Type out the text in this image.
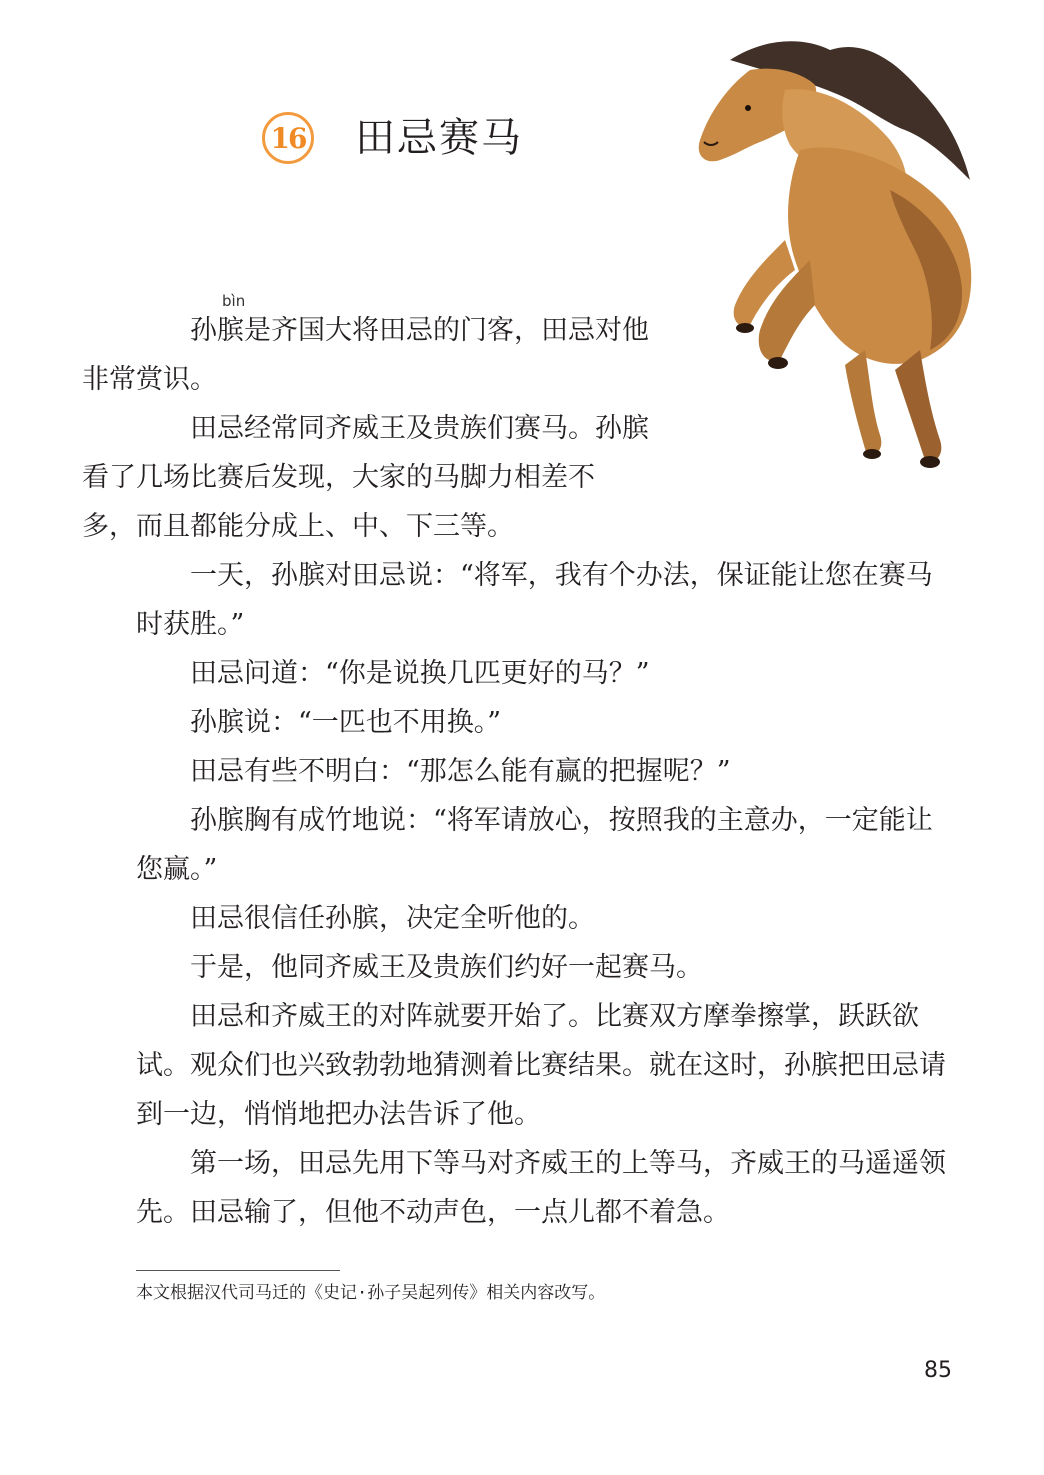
16 田忌赛马
bìn

孙膑是齐国大将田忌的门客，田忌对他
非常赏识。

田忌经常同齐威王及贵族们赛马。孙膑
看了几场比赛后发现，大家的马脚力相差不
多，而且都能分成上、中、下三等。

一天，孙膑对田忌说：“将军，我有个办法，保证能让您在赛马时获胜。”

田忌问道：“你是说换几匹更好的马？”

孙膑说：“一匹也不用换。”

田忌有些不明白：“那怎么能有赢的把握呢？”

孙膑胸有成竹地说：“将军请放心，按照我的主意办，一定能让您赢。”

田忌很信任孙膑，决定全听他的。

于是，他同齐威王及贵族们约好一起赛马。

田忌和齐威王的对阵就要开始了。比赛双方摩拳擦掌，跃跃欲试。观众们也兴致勃勃地猜测着比赛结果。就在这时，孙膑把田忌请到一边，悄悄地把办法告诉了他。

第一场，田忌先用下等马对齐威王的上等马，齐威王的马遥遥领先。田忌输了，但他不动声色，一点儿都不着急。

本文根据汉代司马迁的《史记·孙子吴起列传》相关内容改写。
85
